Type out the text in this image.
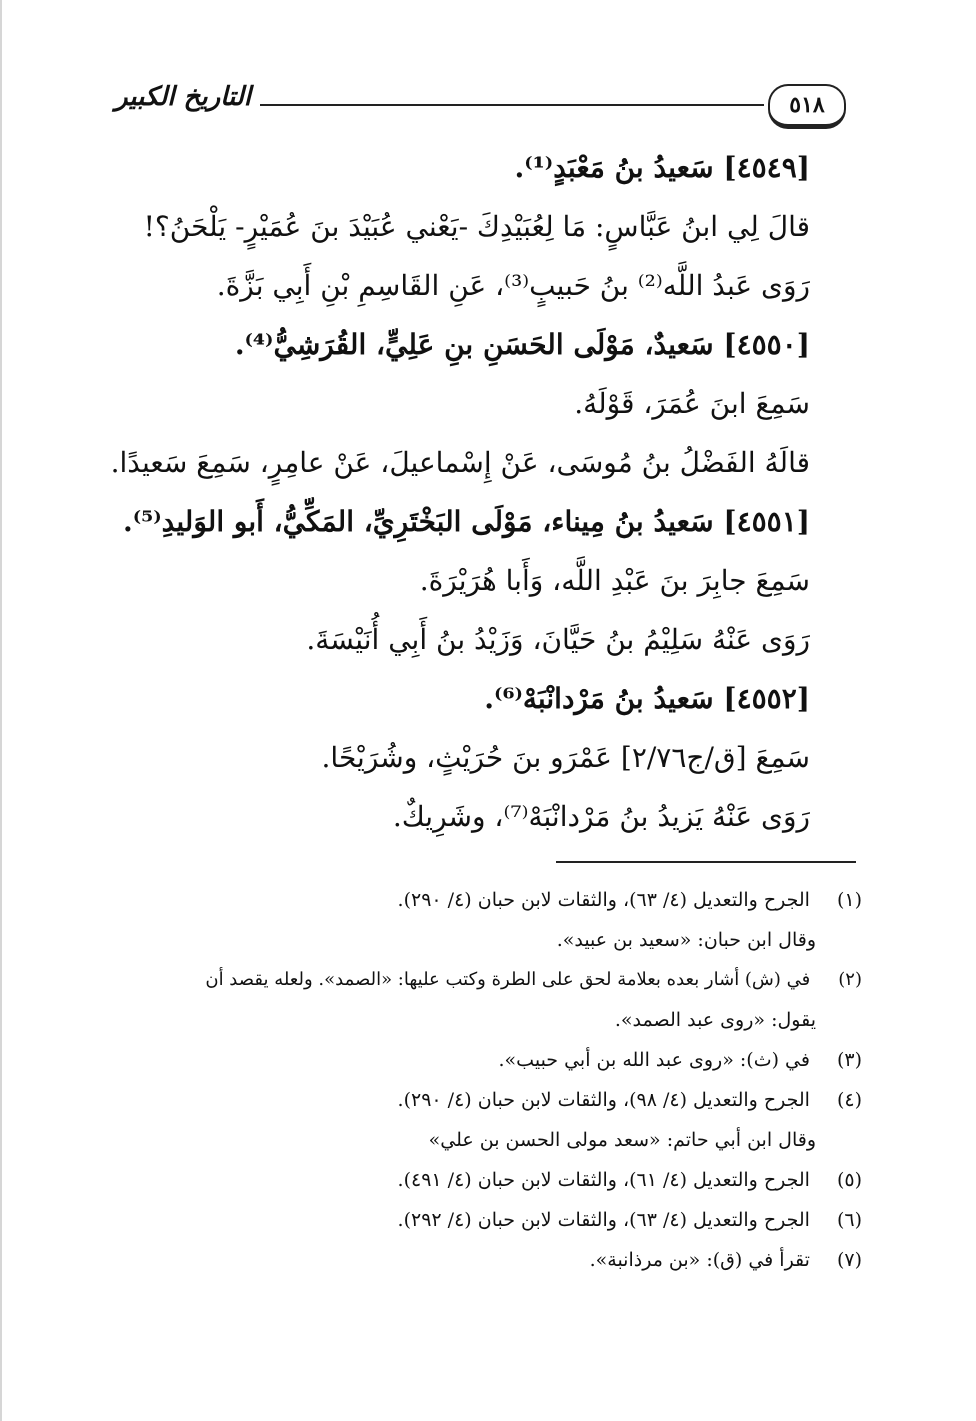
٥١٨
التاريخ الكبير
[٤٥٤٩] سَعيدُ بنُ مَعْبَدٍ⁽¹⁾.
قالَ لِي ابنُ عَبَّاسٍ: مَا لِعُبَيْدِكَ -يَعْني عُبَيْدَ بنَ عُمَيْرٍ- يَلْحَنُ؟!
رَوَى عَبدُ اللَّه⁽²⁾ بنُ حَبيبٍ⁽³⁾، عَنِ القَاسِمِ بْنِ أَبِي بَزَّةَ.
[٤٥٥٠] سَعيدٌ، مَوْلَى الحَسَنِ بنِ عَلِيٍّ، القُرَشِيُّ⁽⁴⁾.
سَمِعَ ابنَ عُمَرَ، قَوْلَهُ.
قالَهُ الفَضْلُ بنُ مُوسَى، عَنْ إِسْماعيلَ، عَنْ عامِرٍ، سَمِعَ سَعيدًا.
[٤٥٥١] سَعيدُ بنُ مِيناء، مَوْلَى البَخْتَرِيِّ، المَكِّيُّ، أَبو الوَليدِ⁽⁵⁾.
سَمِعَ جابِرَ بنَ عَبْدِ اللَّه، وَأَبا هُرَيْرَةَ.
رَوَى عَنْهُ سَلِيْمُ بنُ حَيَّانَ، وَزَيْدُ بنُ أَبِي أُنَيْسَةَ.
[٤٥٥٢] سَعيدُ بنُ مَرْدانْبَهْ⁽⁶⁾.
سَمِعَ [ق/ج٢/٧٦] عَمْرَو بنَ حُرَيْثٍ، وشُرَيْحًا.
رَوَى عَنْهُ يَزيدُ بنُ مَرْدانْبَهْ⁽⁷⁾، وشَرِيكٌ.
(١) الجرح والتعديل (٤/ ٦٣)، والثقات لابن حبان (٤/ ٢٩٠).
وقال ابن حبان: «سعيد بن عبيد».
(٢) في (ش) أشار بعده بعلامة لحق على الطرة وكتب عليها: «الصمد». ولعله يقصد أن
يقول: «روى عبد الصمد».
(٣) في (ث): «روى عبد الله بن أبي حبيب».
(٤) الجرح والتعديل (٤/ ٩٨)، والثقات لابن حبان (٤/ ٢٩٠).
وقال ابن أبي حاتم: «سعد مولى الحسن بن علي»
(٥) الجرح والتعديل (٤/ ٦١)، والثقات لابن حبان (٤/ ٤٩١).
(٦) الجرح والتعديل (٤/ ٦٣)، والثقات لابن حبان (٤/ ٢٩٢).
(٧) تقرأ في (ق): «بن مرذانبة».
